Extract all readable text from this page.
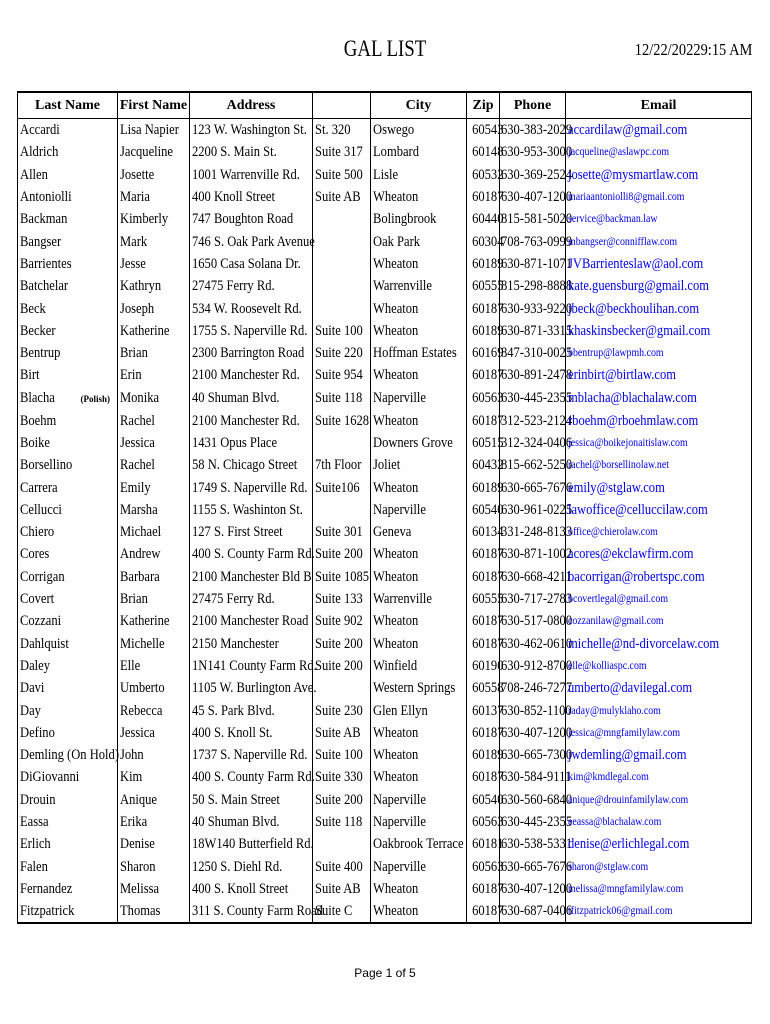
GAL LIST	12/22/20229:15 AM
Last Name	First Name	Address		City	Zip	Phone	Email
Accardi	Lisa Napier	123 W. Washington St.	St. 320	Oswego	60543	630-383-2029	accardilaw@gmail.com
Aldrich	Jacqueline	2200 S. Main St.	Suite 317	Lombard	60148	630-953-3000	jacqueline@aslawpc.com
Allen	Josette	1001 Warrenville Rd.	Suite 500	Lisle	60532	630-369-2524	josette@mysmartlaw.com
Antoniolli	Maria	400 Knoll Street	Suite AB	Wheaton	60187	630-407-1200	mariaantoniolli8@gmail.com
Backman	Kimberly	747 Boughton Road		Bolingbrook	60440	815-581-5020	service@backman.law
Bangser	Mark	746 S. Oak Park Avenue		Oak Park	60304	708-763-0999	mbangser@connifflaw.com
Barrientes	Jesse	1650 Casa Solana Dr.		Wheaton	60189	630-871-1071	JVBarrienteslaw@aol.com
Batchelar	Kathryn	27475 Ferry Rd.		Warrenville	60555	815-298-8888	kate.guensburg@gmail.com
Beck	Joseph	534 W. Roosevelt Rd.		Wheaton	60187	630-933-9220	jbeck@beckhoulihan.com
Becker	Katherine	1755 S. Naperville Rd.	Suite 100	Wheaton	60189	630-871-3315	khaskinsbecker@gmail.com
Bentrup	Brian	2300 Barrington Road	Suite 220	Hoffman Estates	60169	847-310-0025	bbentrup@lawpmh.com
Birt	Erin	2100 Manchester Rd.	Suite 954	Wheaton	60187	630-891-2478	erinbirt@birtlaw.com
Blacha (Polish)	Monika	40 Shuman Blvd.	Suite 118	Naperville	60563	630-445-2355	mblacha@blachalaw.com
Boehm	Rachel	2100 Manchester Rd.	Suite 1628	Wheaton	60187	312-523-2124	rboehm@rboehmlaw.com
Boike	Jessica	1431 Opus Place		Downers Grove	60515	312-324-0406	jessica@boikejonaitislaw.com
Borsellino	Rachel	58 N. Chicago Street	7th Floor	Joliet	60432	815-662-5250	rachel@borsellinolaw.net
Carrera	Emily	1749 S. Naperville Rd.	Suite106	Wheaton	60189	630-665-7676	emily@stglaw.com
Cellucci	Marsha	1155 S. Washinton St.		Naperville	60540	630-961-0225	lawoffice@celluccilaw.com
Chiero	Michael	127 S. First Street	Suite 301	Geneva	60134	331-248-8133	office@chierolaw.com
Cores	Andrew	400 S. County Farm Rd.	Suite 200	Wheaton	60187	630-871-1002	acores@ekclawfirm.com
Corrigan	Barbara	2100 Manchester Bld B	Suite 1085	Wheaton	60187	630-668-4211	bacorrigan@robertspc.com
Covert	Brian	27475 Ferry Rd.	Suite 133	Warrenville	60555	630-717-2783	bcovertlegal@gmail.com
Cozzani	Katherine	2100 Manchester Road	Suite 902	Wheaton	60187	630-517-0800	cozzanilaw@gmail.com
Dahlquist	Michelle	2150 Manchester	Suite 200	Wheaton	60187	630-462-0610	michelle@nd-divorcelaw.com
Daley	Elle	1N141 County Farm Rd.	Suite 200	Winfield	60190	630-912-8700	elle@kolliaspc.com
Davi	Umberto	1105 W. Burlington Ave.		Western Springs	60558	708-246-7277	umberto@davilegal.com
Day	Rebecca	45 S. Park Blvd.	Suite 230	Glen Ellyn	60137	630-852-1100	raday@mulyklaho.com
Defino	Jessica	400 S. Knoll St.	Suite AB	Wheaton	60187	630-407-1200	jessica@mngfamilylaw.com
Demling (On Hold)	John	1737 S. Naperville Rd.	Suite 100	Wheaton	60189	630-665-7300	jwdemling@gmail.com
DiGiovanni	Kim	400 S. County Farm Rd.	Suite 330	Wheaton	60187	630-584-9111	kim@kmdlegal.com
Drouin	Anique	50 S. Main Street	Suite 200	Naperville	60540	630-560-6840	anique@drouinfamilylaw.com
Eassa	Erika	40 Shuman Blvd.	Suite 118	Naperville	60563	630-445-2355	eeassa@blachalaw.com
Erlich	Denise	18W140 Butterfield Rd.		Oakbrook Terrace	60181	630-538-5331	denise@erlichlegal.com
Falen	Sharon	1250 S. Diehl Rd.	Suite 400	Naperville	60563	630-665-7676	sharon@stglaw.com
Fernandez	Melissa	400 S. Knoll Street	Suite AB	Wheaton	60187	630-407-1200	melissa@mngfamilylaw.com
Fitzpatrick	Thomas	311 S. County Farm Road	Suite C	Wheaton	60187	630-687-0406	tfitzpatrick06@gmail.com
Page 1 of 5
